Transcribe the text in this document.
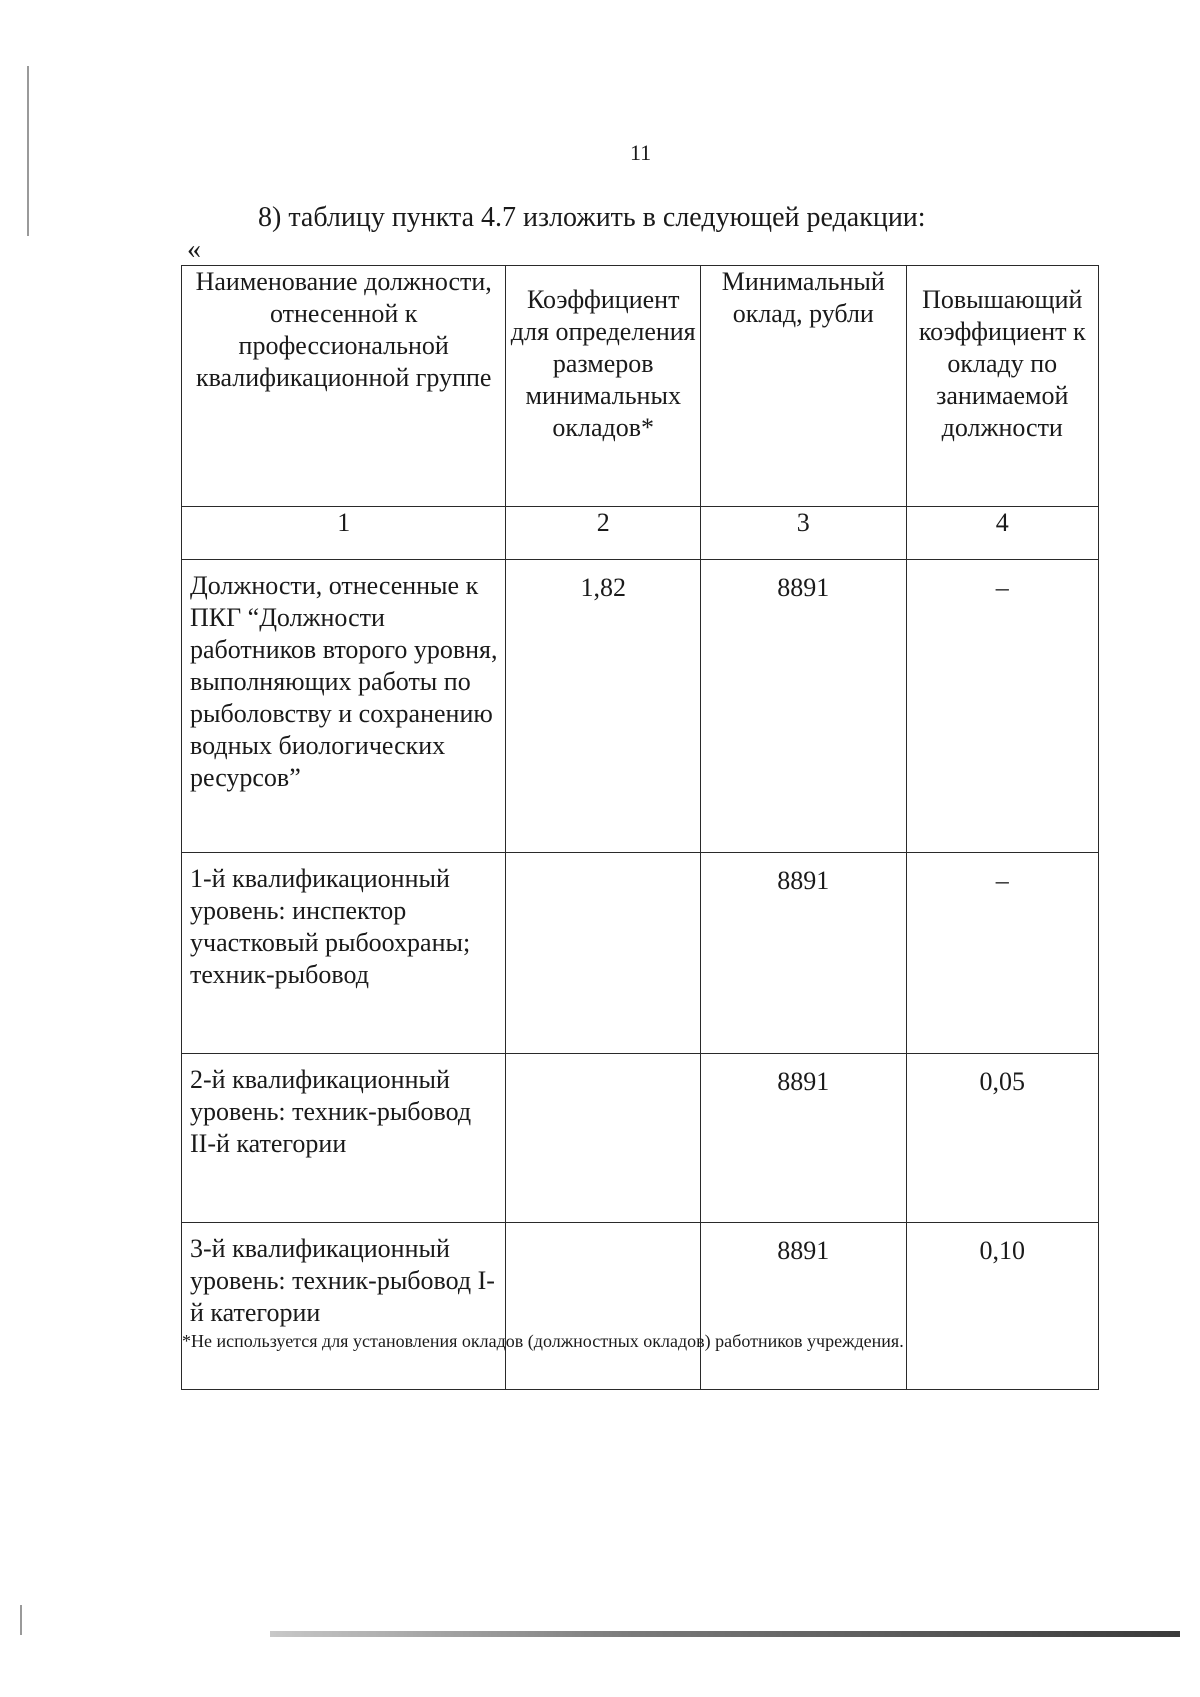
11
8) таблицу пункта 4.7 изложить в следующей редакции:
«
Наименование должности, отнесенной к профессиональной квалификационной группе	Коэффициент для определения размеров минимальных окладов*	Минимальный оклад, рубли	Повышающий коэффициент к окладу по занимаемой должности
1	2	3	4
Должности, отнесенные к ПКГ “Должности работников второго уровня, выполняющих работы по рыболовству и сохранению водных биологических ресурсов”	1,82	8891	–
1-й квалификационный уровень: инспектор участковый рыбоохраны; техник-рыбовод		8891	–
2-й квалификационный уровень: техник-рыбовод II-й категории		8891	0,05
3-й квалификационный уровень: техник-рыбовод I-й категории		8891	0,10
*Не используется для установления окладов (должностных окладов) работников учреждения.
